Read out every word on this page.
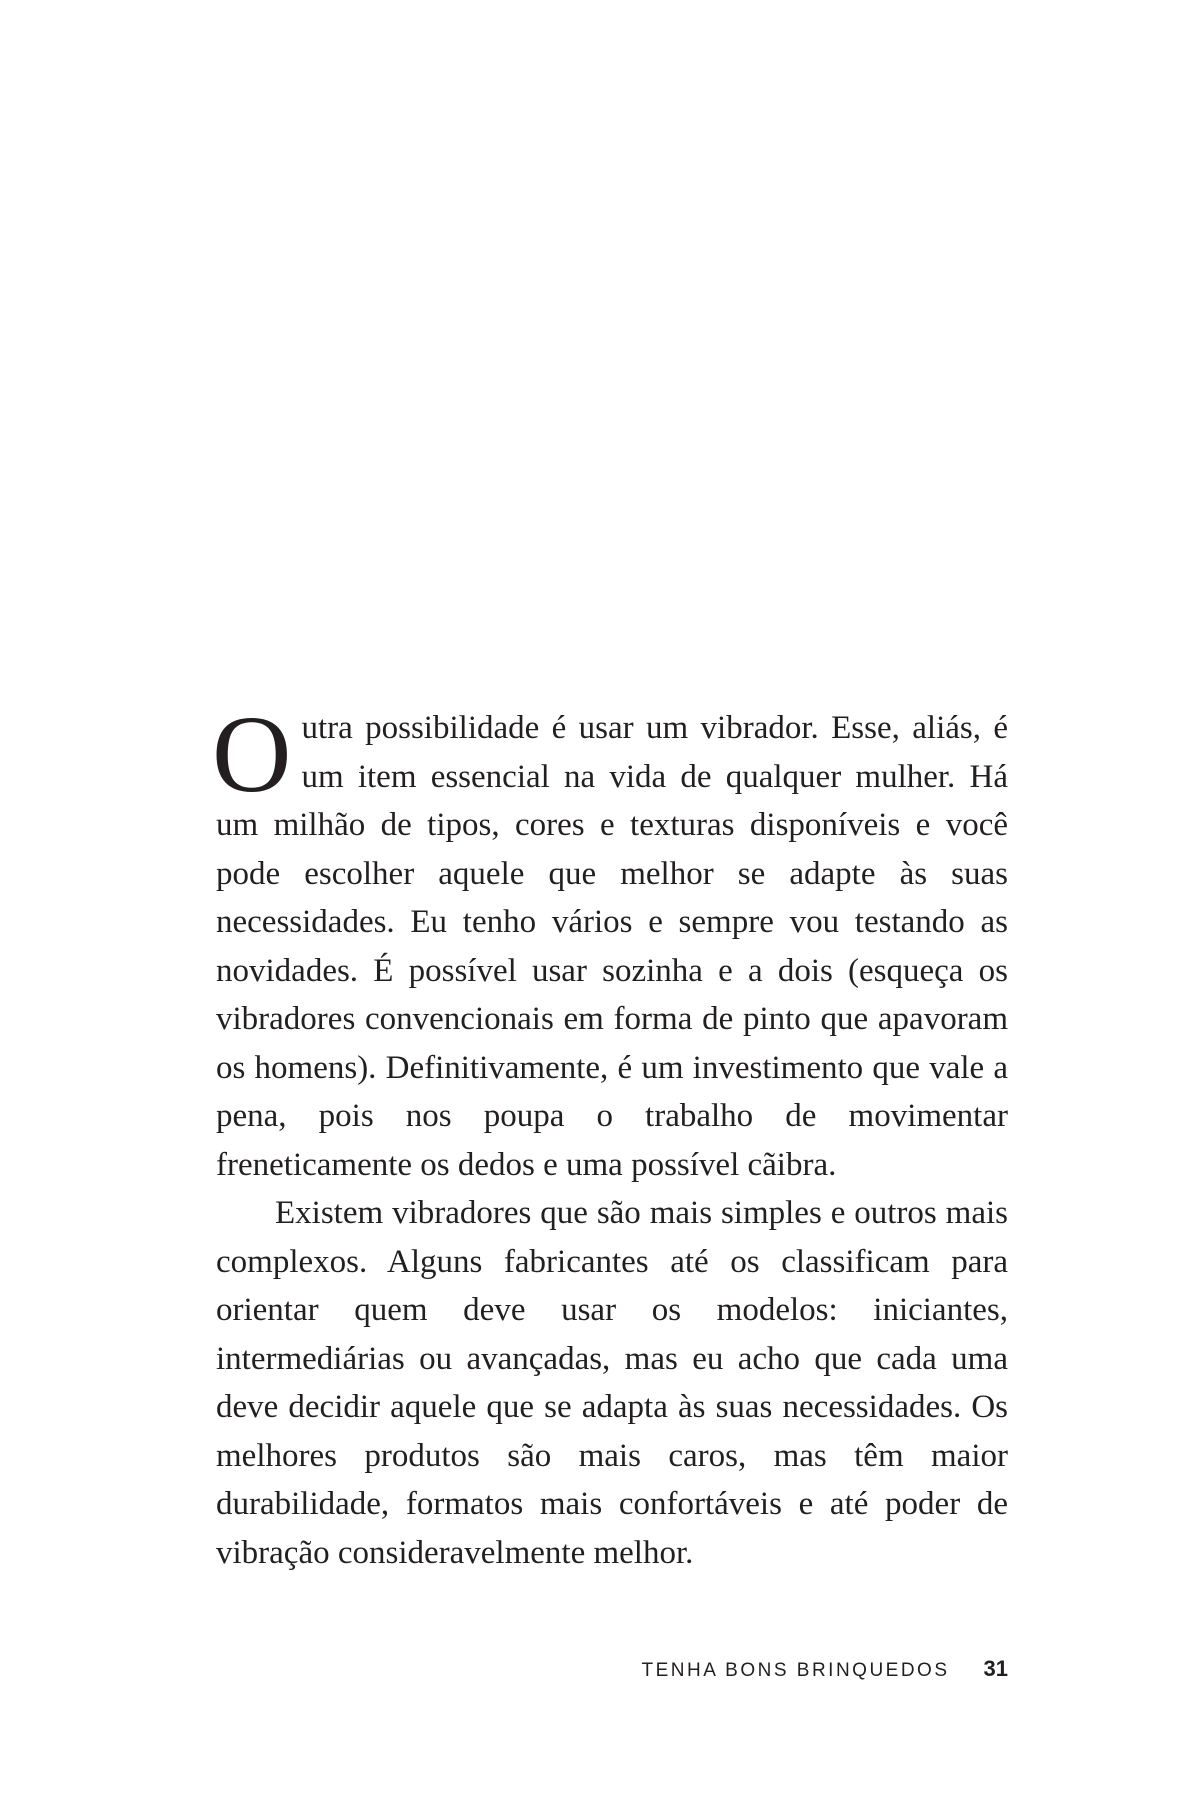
Outra possibilidade é usar um vibrador. Esse, aliás, é um item essencial na vida de qualquer mulher. Há um milhão de tipos, cores e texturas disponíveis e você pode escolher aquele que melhor se adapte às suas necessidades. Eu tenho vários e sempre vou testando as novidades. É possível usar sozinha e a dois (esqueça os vibradores convencionais em forma de pinto que apavoram os homens). Definitivamente, é um investimento que vale a pena, pois nos poupa o trabalho de movimentar freneticamente os dedos e uma possível cãibra.

Existem vibradores que são mais simples e outros mais complexos. Alguns fabricantes até os classificam para orientar quem deve usar os modelos: iniciantes, intermediárias ou avançadas, mas eu acho que cada uma deve decidir aquele que se adapta às suas necessidades. Os melhores produtos são mais caros, mas têm maior durabilidade, formatos mais confortáveis e até poder de vibração consideravelmente melhor.

TENHA BONS BRINQUEDOS 31
